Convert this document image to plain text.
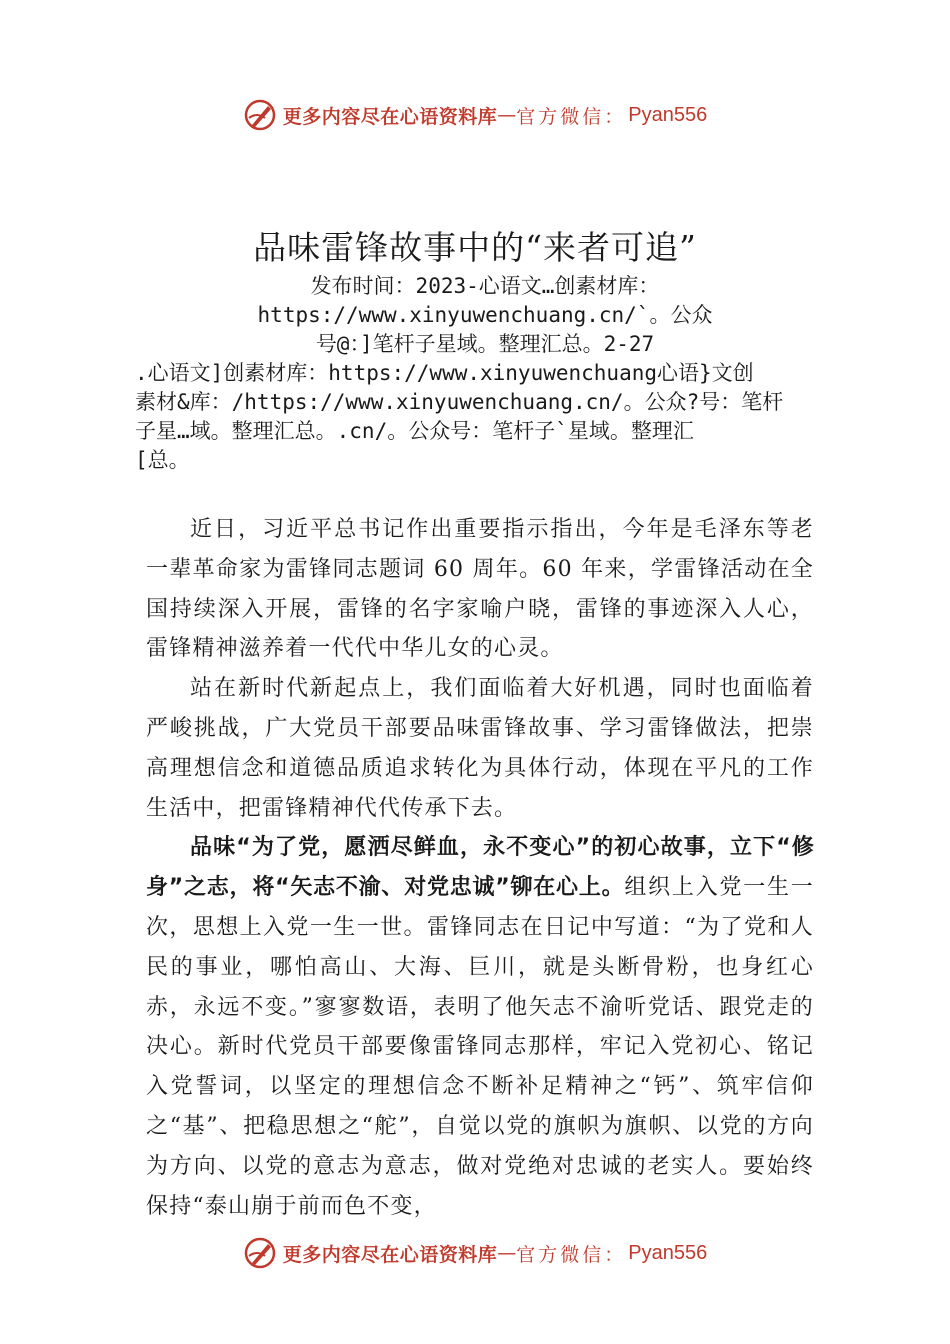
更多内容尽在心语资料库 — 官方微信： Pyan556
品味雷锋故事中的“来者可追”
发布时间：2023-心语文…创素材库：
https://www.xinyuwenchuang.cn/`。公众
号@：]笔杆子星域。整理汇总。2-27
.心语文]创素材库：https://www.xinyuwenchuang心语}文创
素材&库：/https://www.xinyuwenchuang.cn/。公众?号：笔杆
子星…域。整理汇总。.cn/。公众号：笔杆子`星域。整理汇
[总。

近日，习近平总书记作出重要指示指出，今年是毛泽东等老一辈革命家为雷锋同志题词 60 周年。60 年来，学雷锋活动在全国持续深入开展，雷锋的名字家喻户晓，雷锋的事迹深入人心，雷锋精神滋养着一代代中华儿女的心灵。

站在新时代新起点上，我们面临着大好机遇，同时也面临着严峻挑战，广大党员干部要品味雷锋故事、学习雷锋做法，把崇高理想信念和道德品质追求转化为具体行动，体现在平凡的工作生活中，把雷锋精神代代传承下去。

品味“为了党，愿洒尽鲜血，永不变心”的初心故事，立下“修身”之志，将“矢志不渝、对党忠诚”铆在心上。组织上入党一生一次，思想上入党一生一世。雷锋同志在日记中写道：“为了党和人民的事业，哪怕高山、大海、巨川，就是头断骨粉，也身红心赤，永远不变。”寥寥数语，表明了他矢志不渝听党话、跟党走的决心。新时代党员干部要像雷锋同志那样，牢记入党初心、铭记入党誓词，以坚定的理想信念不断补足精神之“钙”、筑牢信仰之“基”、把稳思想之“舵”，自觉以党的旗帜为旗帜、以党的方向为方向、以党的意志为意志，做对党绝对忠诚的老实人。要始终保持“泰山崩于前而色不变，

更多内容尽在心语资料库 — 官方微信： Pyan556
